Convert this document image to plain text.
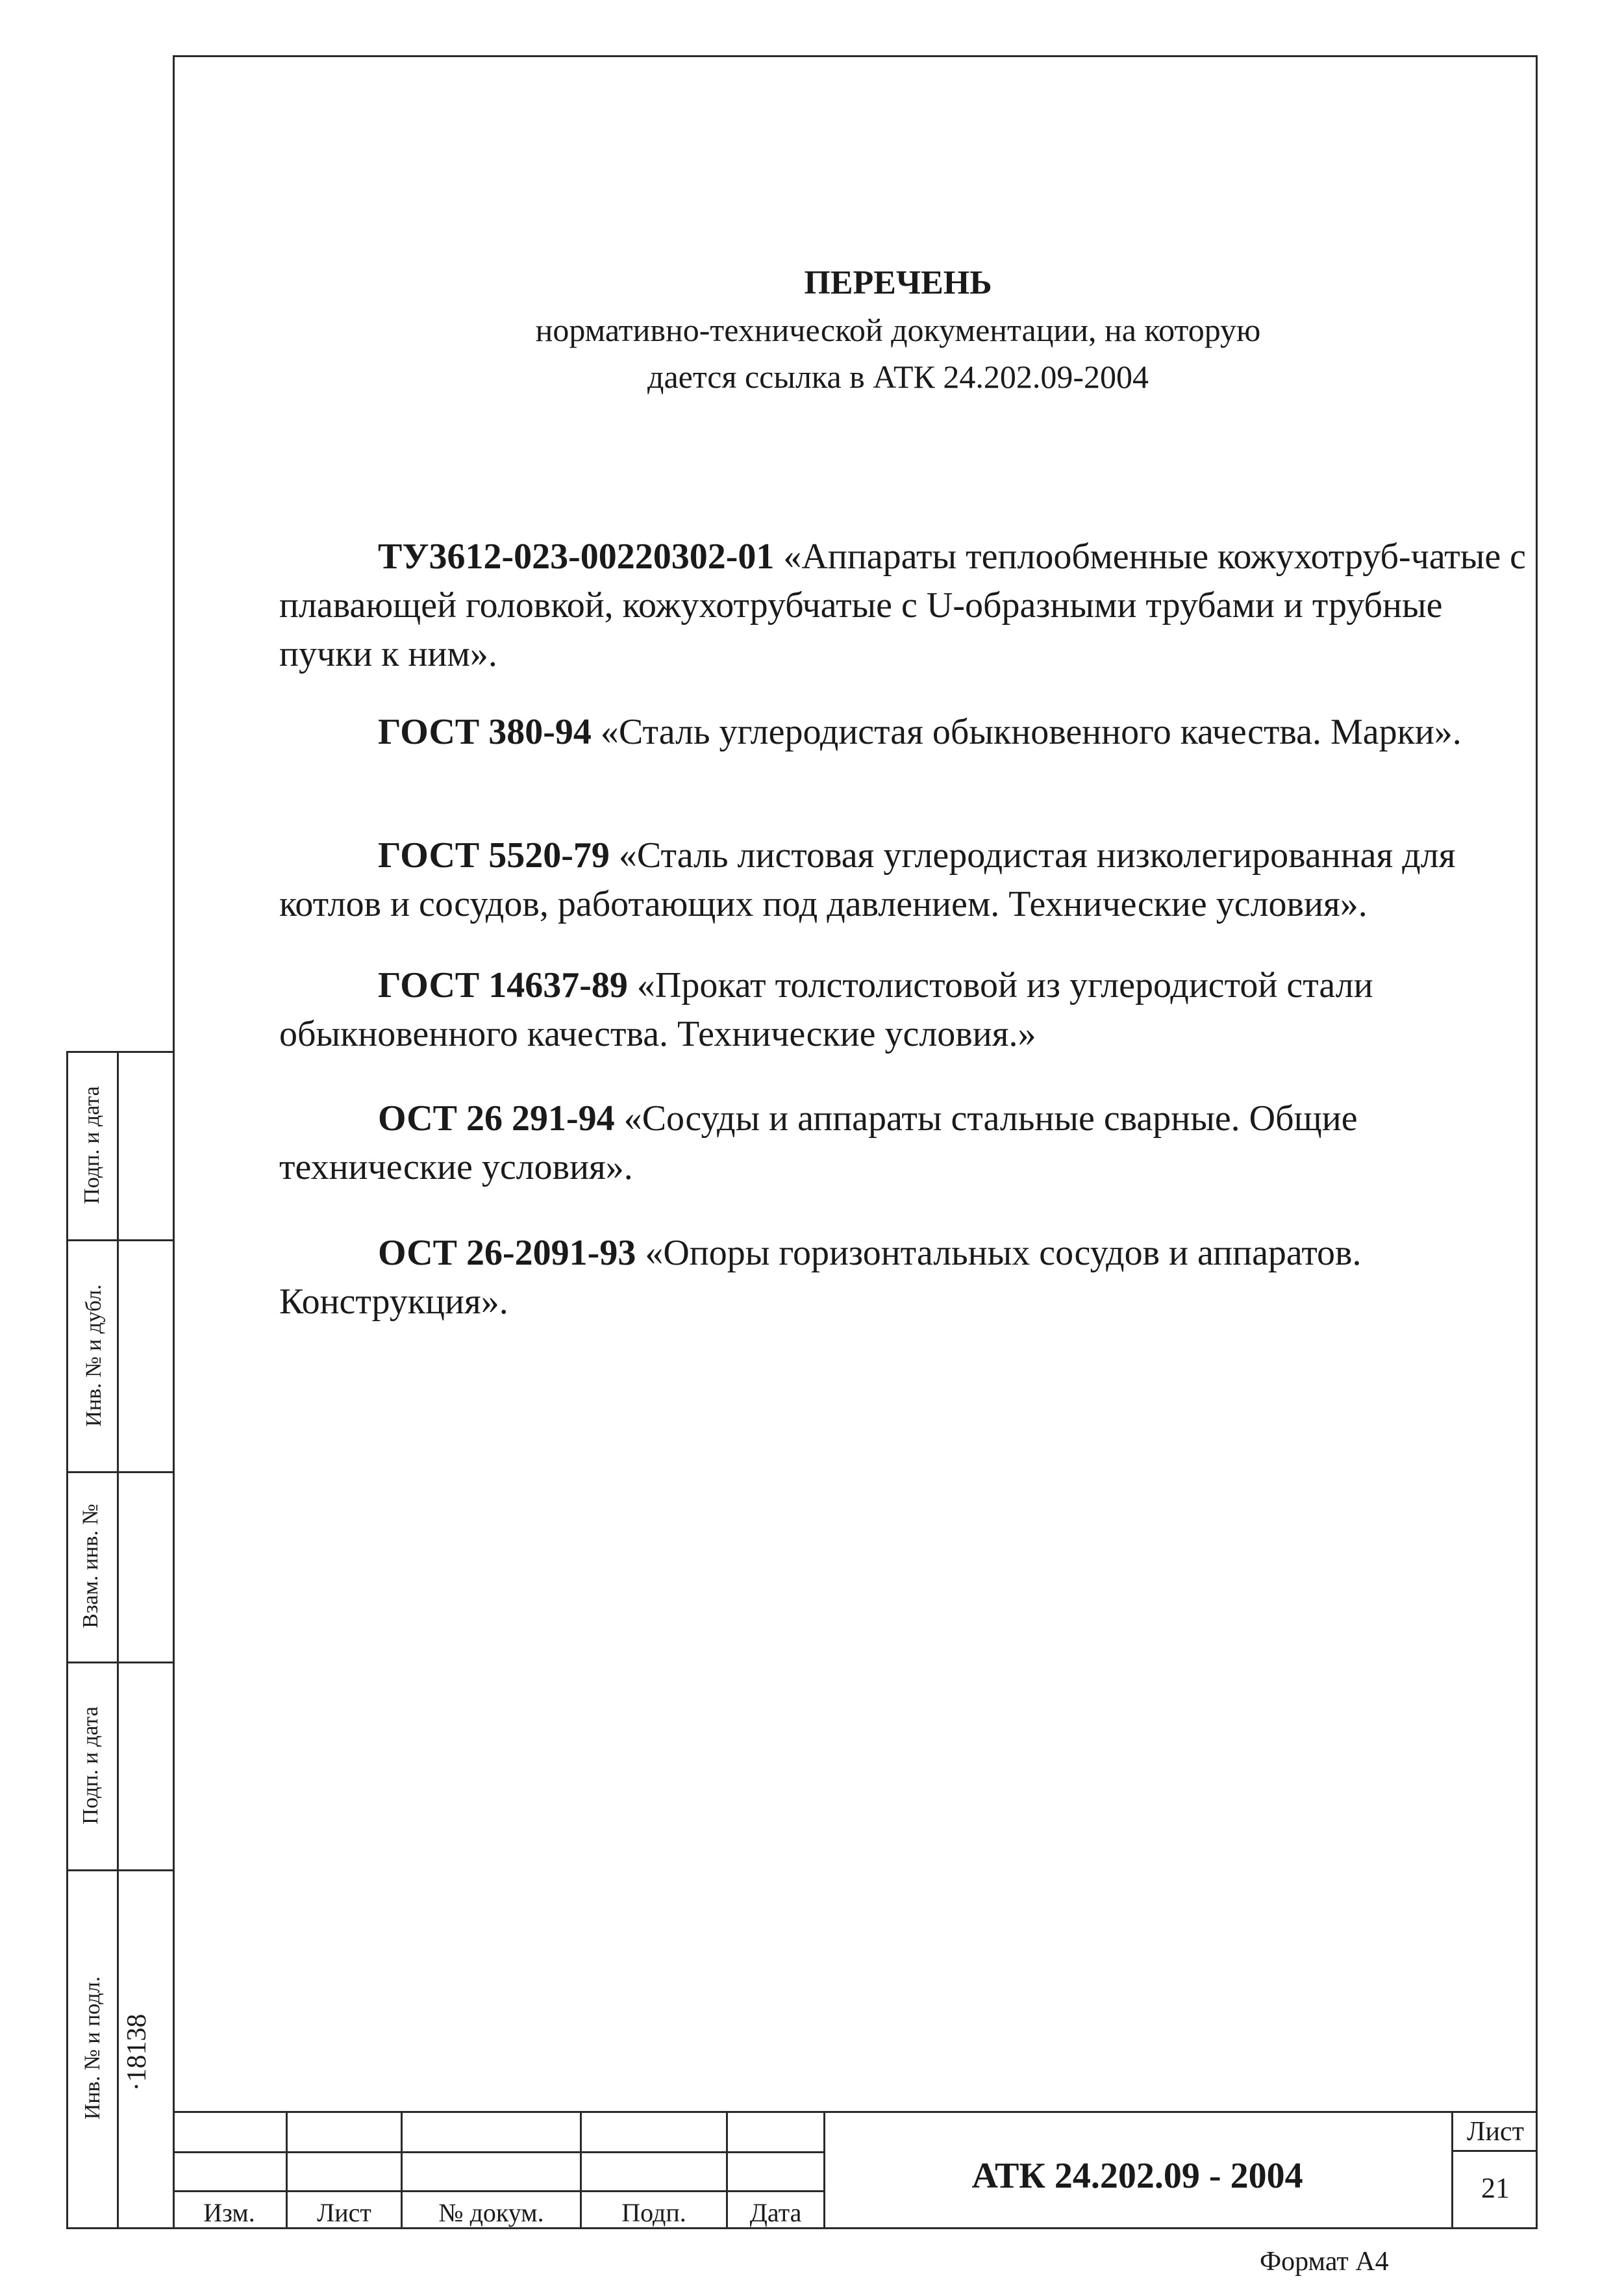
Подп. и дата
Инв. № и дубл.
Взам. инв. №
Подп. и дата
Инв. № и подл. ·18138
ПЕРЕЧЕНЬ
нормативно-технической документации, на которую
дается ссылка в АТК 24.202.09-2004

ТУ3612-023-00220302-01 «Аппараты теплообменные кожухотруб-чатые с плавающей головкой, кожухотрубчатые с U-образными трубами и трубные пучки к ним».

ГОСТ 380-94 «Сталь углеродистая обыкновенного качества. Марки».

ГОСТ 5520-79 «Сталь листовая углеродистая низколегированная для котлов и сосудов, работающих под давлением. Технические условия».

ГОСТ 14637-89 «Прокат толстолистовой из углеродистой стали обыкновенного качества. Технические условия.»

ОСТ 26 291-94 «Сосуды и аппараты стальные сварные. Общие технические условия».

ОСТ 26-2091-93 «Опоры горизонтальных сосудов и аппаратов. Конструкция».

Изм.	Лист	№ докум.	Подп.	Дата
АТК 24.202.09 - 2004
Лист
21
Формат А4
